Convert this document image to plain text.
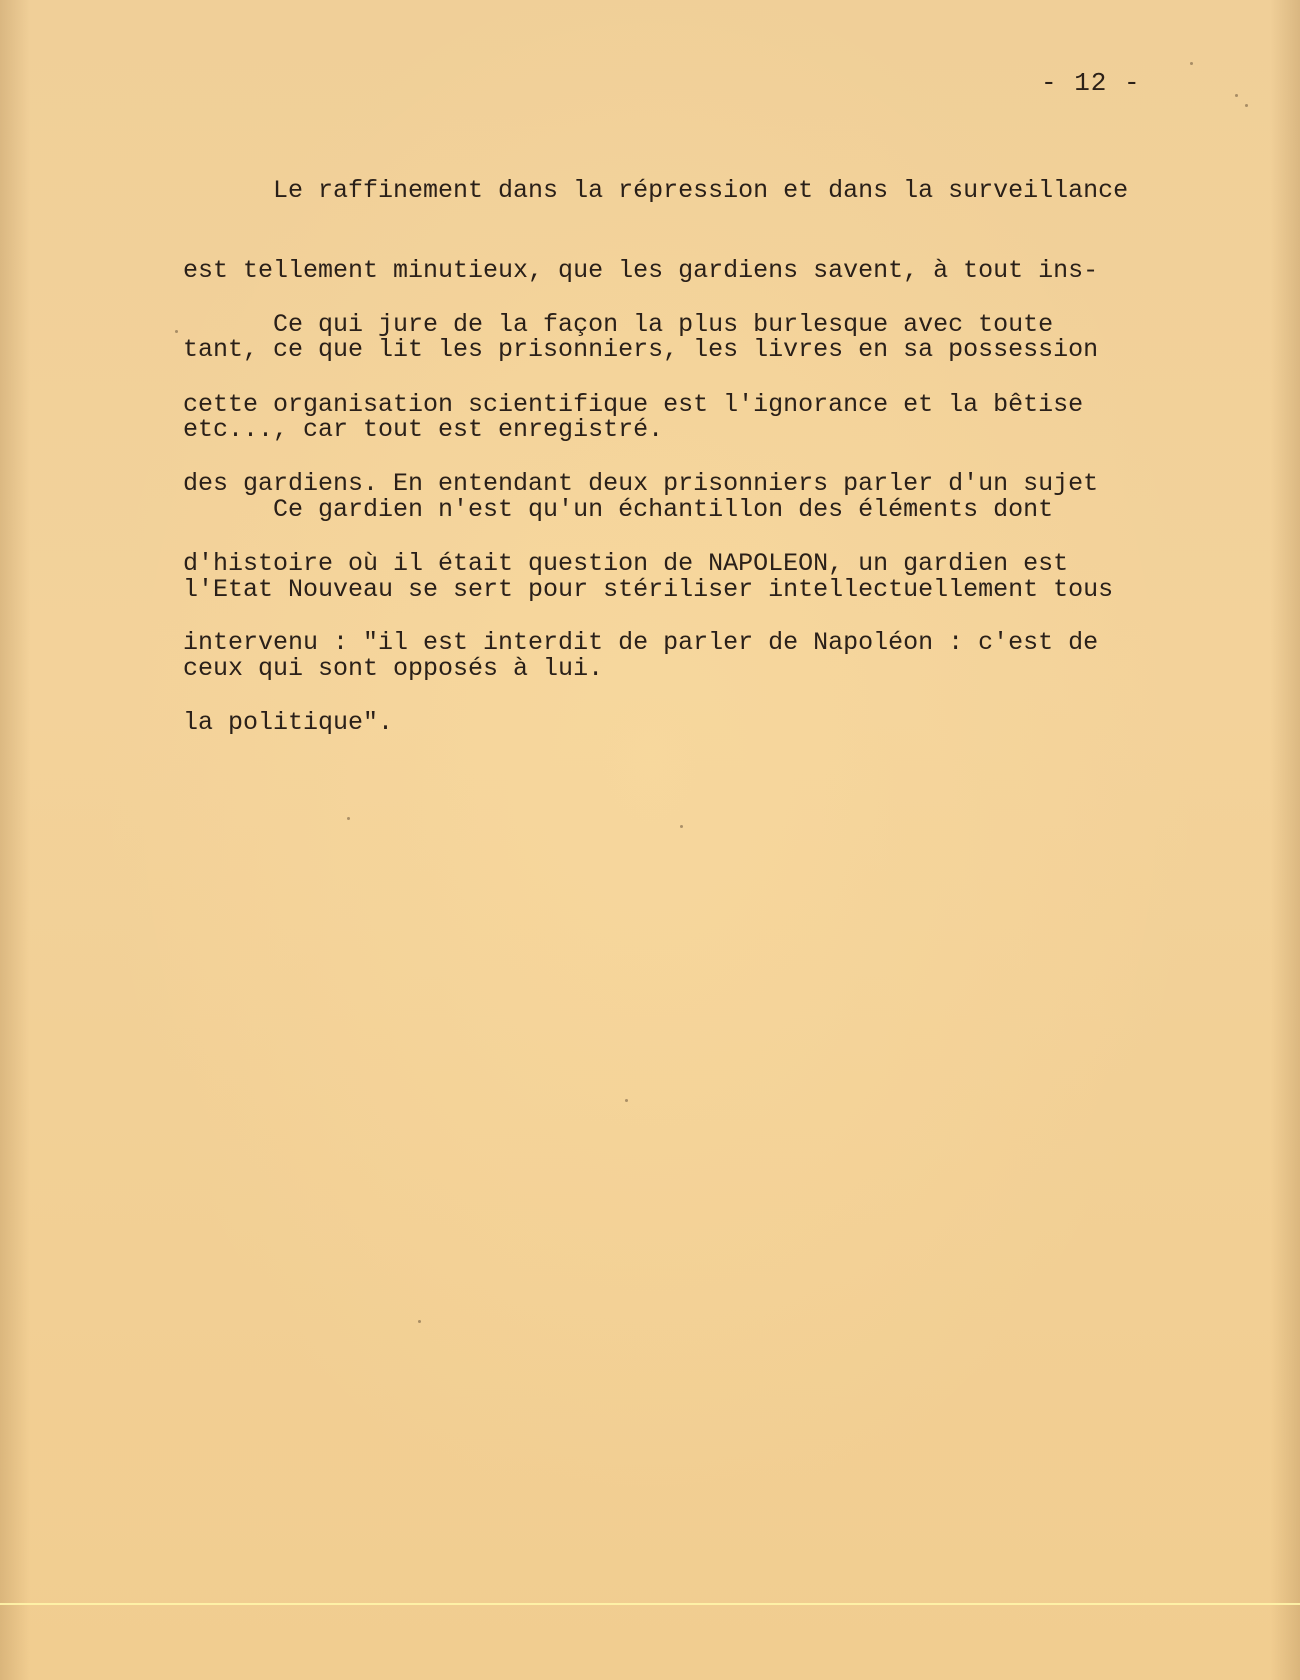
- 12 -

Le raffinement dans la répression et dans la surveillance

est tellement minutieux, que les gardiens savent, à tout ins-

tant, ce que lit les prisonniers, les livres en sa possession

etc..., car tout est enregistré.

Ce qui jure de la façon la plus burlesque avec toute

cette organisation scientifique est l'ignorance et la bêtise

des gardiens. En entendant deux prisonniers parler d'un sujet

d'histoire où il était question de NAPOLEON, un gardien est

intervenu : "il est interdit de parler de Napoléon : c'est de

la politique".

Ce gardien n'est qu'un échantillon des éléments dont

l'Etat Nouveau se sert pour stériliser intellectuellement tous

ceux qui sont opposés à lui.
